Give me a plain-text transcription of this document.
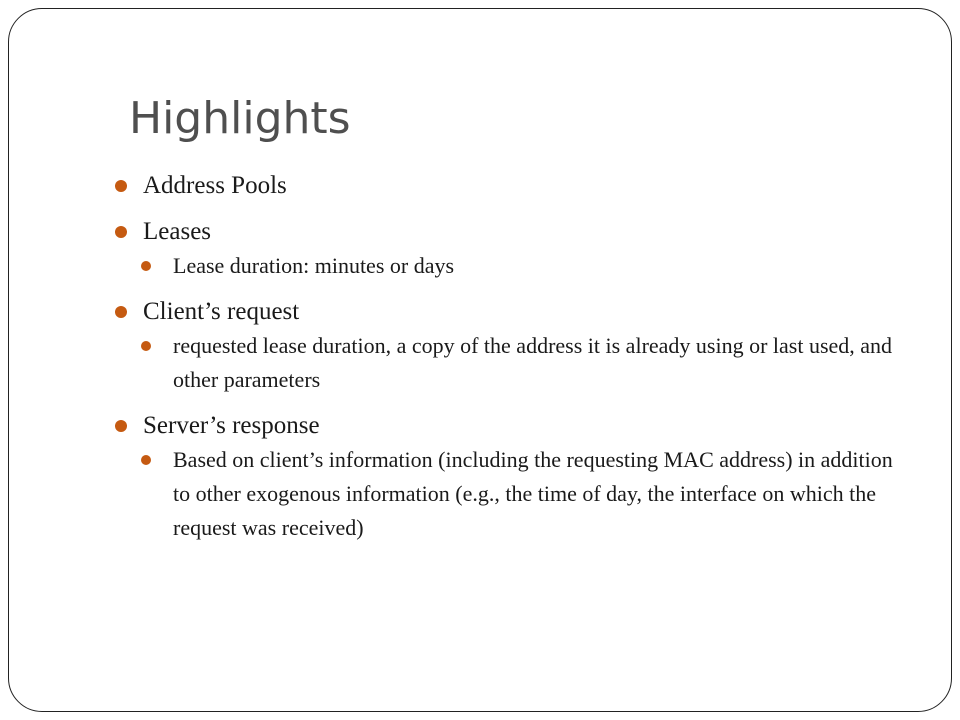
Highlights
Address Pools
Leases
Lease duration: minutes or days
Client’s request
requested lease duration, a copy of the address it is already using or last used, and other parameters
Server’s response
Based on client’s information (including the requesting MAC address) in addition to other exogenous information (e.g., the time of day, the interface on which the request was received)
